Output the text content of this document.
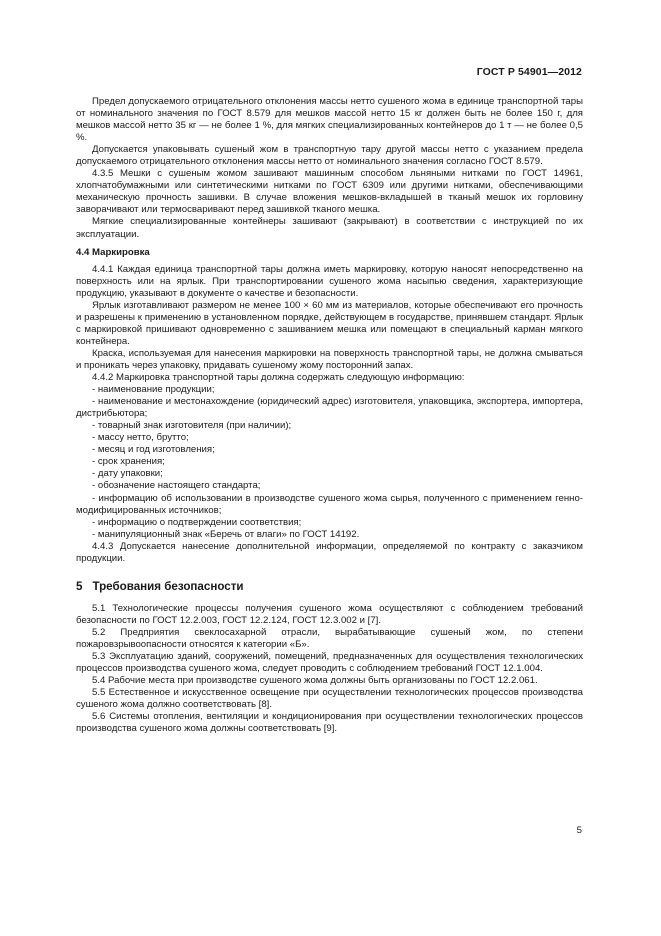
ГОСТ Р 54901—2012

Предел допускаемого отрицательного отклонения массы нетто сушеного жома в единице транспортной тары от номинального значения по ГОСТ 8.579 для мешков массой нетто 15 кг должен быть не более 150 г, для мешков массой нетто 35 кг — не более 1 %, для мягких специализированных контейнеров до 1 т — не более 0,5 %.

Допускается упаковывать сушеный жом в транспортную тару другой массы нетто с указанием предела допускаемого отрицательного отклонения массы нетто от номинального значения согласно ГОСТ 8.579.

4.3.5 Мешки с сушеным жомом зашивают машинным способом льняными нитками по ГОСТ 14961, хлопчатобумажными или синтетическими нитками по ГОСТ 6309 или другими нитками, обеспечивающими механическую прочность зашивки. В случае вложения мешков-вкладышей в тканый мешок их горловину заворачивают или термосваривают перед зашивкой тканого мешка.

Мягкие специализированные контейнеры зашивают (закрывают) в соответствии с инструкцией по их эксплуатации.

4.4 Маркировка

4.4.1 Каждая единица транспортной тары должна иметь маркировку, которую наносят непосредственно на поверхность или на ярлык. При транспортировании сушеного жома насыпью сведения, характеризующие продукцию, указывают в документе о качестве и безопасности.

Ярлык изготавливают размером не менее 100 × 60 мм из материалов, которые обеспечивают его прочность и разрешены к применению в установленном порядке, действующем в государстве, принявшем стандарт. Ярлык с маркировкой пришивают одновременно с зашиванием мешка или помещают в специальный карман мягкого контейнера.

Краска, используемая для нанесения маркировки на поверхность транспортной тары, не должна смываться и проникать через упаковку, придавать сушеному жому посторонний запах.

4.4.2 Маркировка транспортной тары должна содержать следующую информацию:

- наименование продукции;

- наименование и местонахождение (юридический адрес) изготовителя, упаковщика, экспортера, импортера, дистрибьютора;

- товарный знак изготовителя (при наличии);

- массу нетто, брутто;

- месяц и год изготовления;

- срок хранения;

- дату упаковки;

- обозначение настоящего стандарта;

- информацию об использовании в производстве сушеного жома сырья, полученного с применением генно-модифицированных источников;

- информацию о подтверждении соответствия;

- манипуляционный знак «Беречь от влаги» по ГОСТ 14192.

4.4.3 Допускается нанесение дополнительной информации, определяемой по контракту с заказчиком продукции.

5 Требования безопасности

5.1 Технологические процессы получения сушеного жома осуществляют с соблюдением требований безопасности по ГОСТ 12.2.003, ГОСТ 12.2.124, ГОСТ 12.3.002 и [7].

5.2 Предприятия свеклосахарной отрасли, вырабатывающие сушеный жом, по степени пожаровзрывоопасности относятся к категории «Б».

5.3 Эксплуатацию зданий, сооружений, помещений, предназначенных для осуществления технологических процессов производства сушеного жома, следует проводить с соблюдением требований ГОСТ 12.1.004.

5.4 Рабочие места при производстве сушеного жома должны быть организованы по ГОСТ 12.2.061.

5.5 Естественное и искусственное освещение при осуществлении технологических процессов производства сушеного жома должно соответствовать [8].

5.6 Системы отопления, вентиляции и кондиционирования при осуществлении технологических процессов производства сушеного жома должны соответствовать [9].

5
